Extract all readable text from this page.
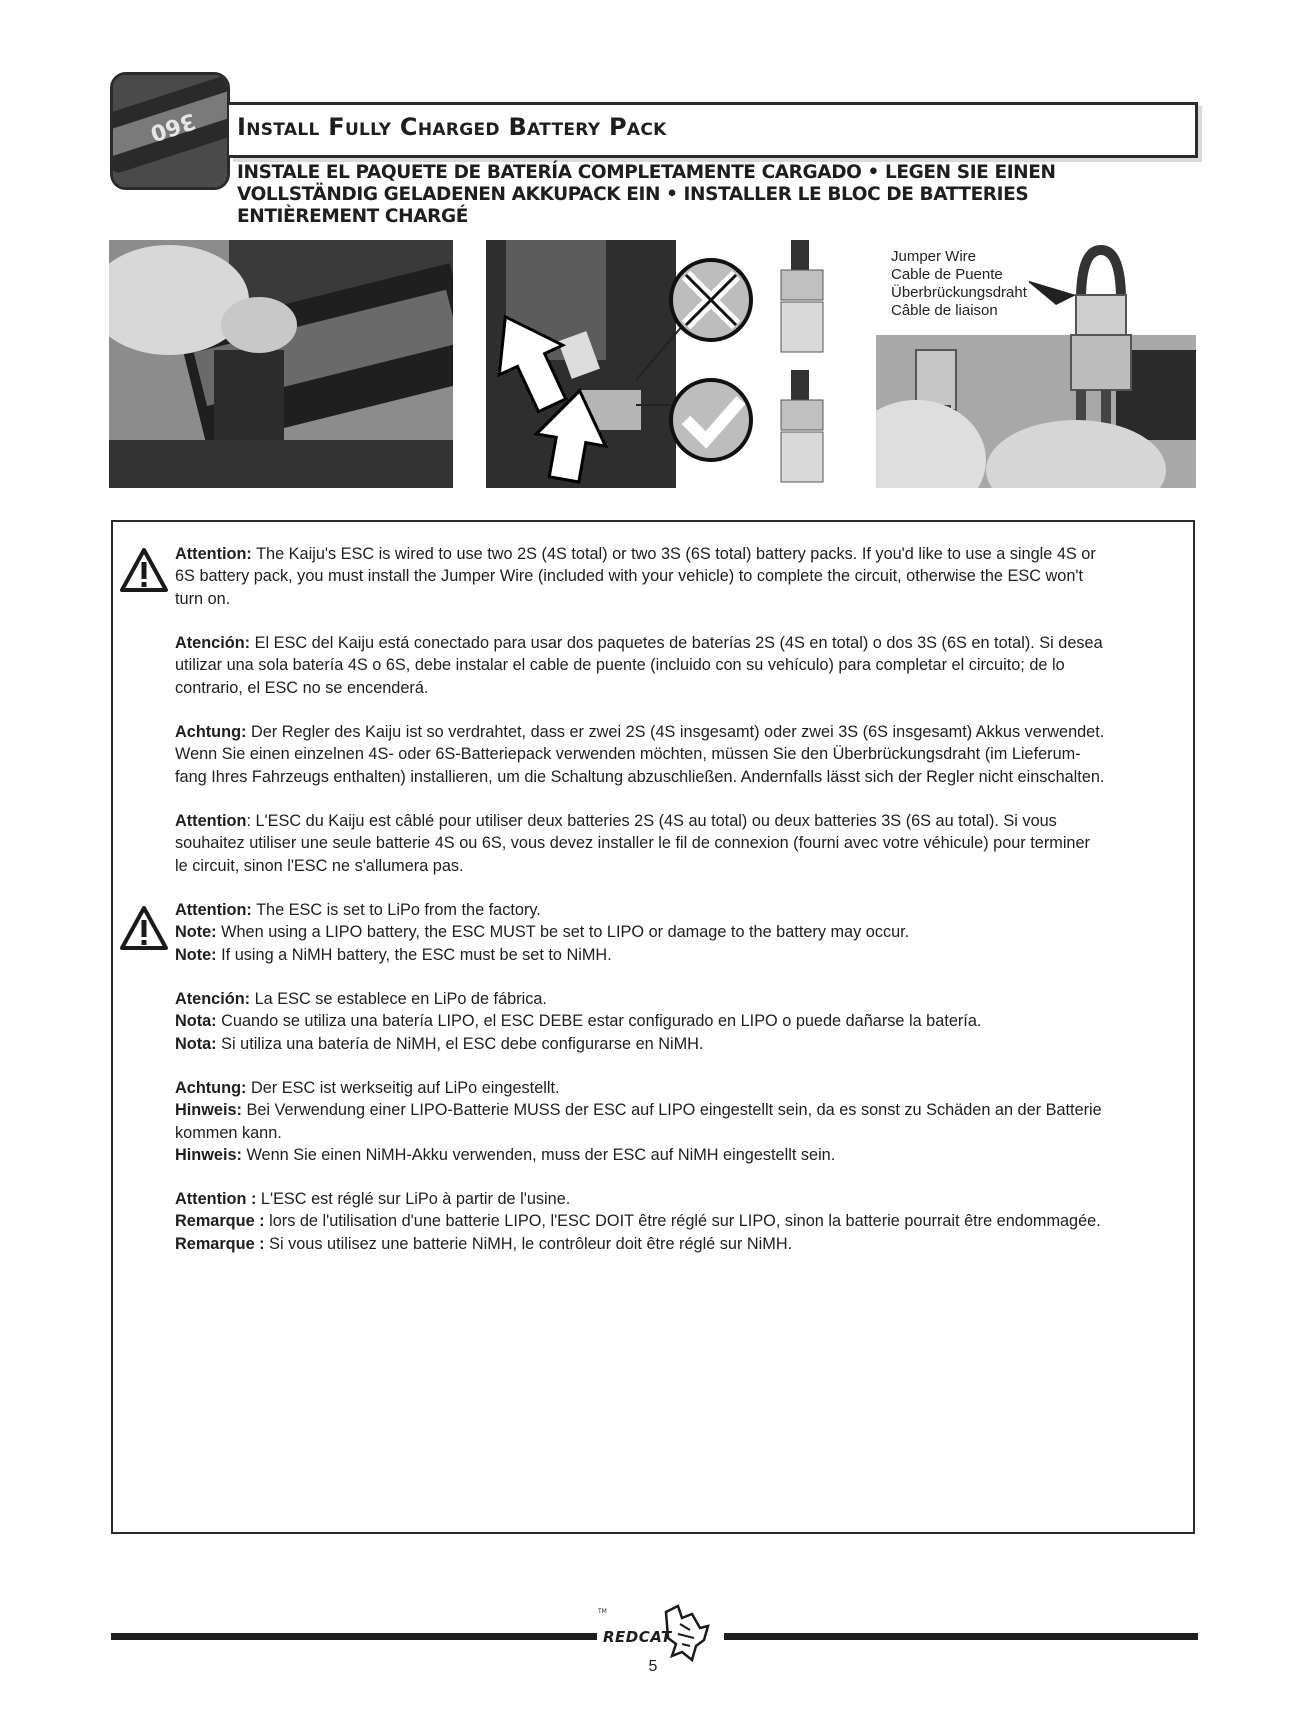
360 Install Fully Charged Battery Pack
INSTALE EL PAQUETE DE BATERÍA COMPLETAMENTE CARGADO • LEGEN SIE EINEN
VOLLSTÄNDIG GELADENEN AKKUPACK EIN • INSTALLER LE BLOC DE BATTERIES
ENTIÈREMENT CHARGÉ
Jumper Wire
Cable de Puente
Überbrückungsdraht
Câble de liaison
Attention: The Kaiju's ESC is wired to use two 2S (4S total) or two 3S (6S total) battery packs. If you'd like to use a single 4S or
6S battery pack, you must install the Jumper Wire (included with your vehicle) to complete the circuit, otherwise the ESC won't
turn on.
Atención: El ESC del Kaiju está conectado para usar dos paquetes de baterías 2S (4S en total) o dos 3S (6S en total). Si desea
utilizar una sola batería 4S o 6S, debe instalar el cable de puente (incluido con su vehículo) para completar el circuito; de lo
contrario, el ESC no se encenderá.
Achtung: Der Regler des Kaiju ist so verdrahtet, dass er zwei 2S (4S insgesamt) oder zwei 3S (6S insgesamt) Akkus verwendet.
Wenn Sie einen einzelnen 4S- oder 6S-Batteriepack verwenden möchten, müssen Sie den Überbrückungsdraht (im Lieferum-
fang Ihres Fahrzeugs enthalten) installieren, um die Schaltung abzuschließen. Andernfalls lässt sich der Regler nicht einschalten.
Attention: L'ESC du Kaiju est câblé pour utiliser deux batteries 2S (4S au total) ou deux batteries 3S (6S au total). Si vous
souhaitez utiliser une seule batterie 4S ou 6S, vous devez installer le fil de connexion (fourni avec votre véhicule) pour terminer
le circuit, sinon l'ESC ne s'allumera pas.
Attention: The ESC is set to LiPo from the factory.
Note: When using a LIPO battery, the ESC MUST be set to LIPO or damage to the battery may occur.
Note: If using a NiMH battery, the ESC must be set to NiMH.
Atención: La ESC se establece en LiPo de fábrica.
Nota: Cuando se utiliza una batería LIPO, el ESC DEBE estar configurado en LIPO o puede dañarse la batería.
Nota: Si utiliza una batería de NiMH, el ESC debe configurarse en NiMH.
Achtung: Der ESC ist werkseitig auf LiPo eingestellt.
Hinweis: Bei Verwendung einer LIPO-Batterie MUSS der ESC auf LIPO eingestellt sein, da es sonst zu Schäden an der Batterie
kommen kann.
Hinweis: Wenn Sie einen NiMH-Akku verwenden, muss der ESC auf NiMH eingestellt sein.
Attention : L'ESC est réglé sur LiPo à partir de l'usine.
Remarque : lors de l'utilisation d'une batterie LIPO, l'ESC DOIT être réglé sur LIPO, sinon la batterie pourrait être endommagée.
Remarque : Si vous utilisez une batterie NiMH, le contrôleur doit être réglé sur NiMH.
TM
REDCAT
5
